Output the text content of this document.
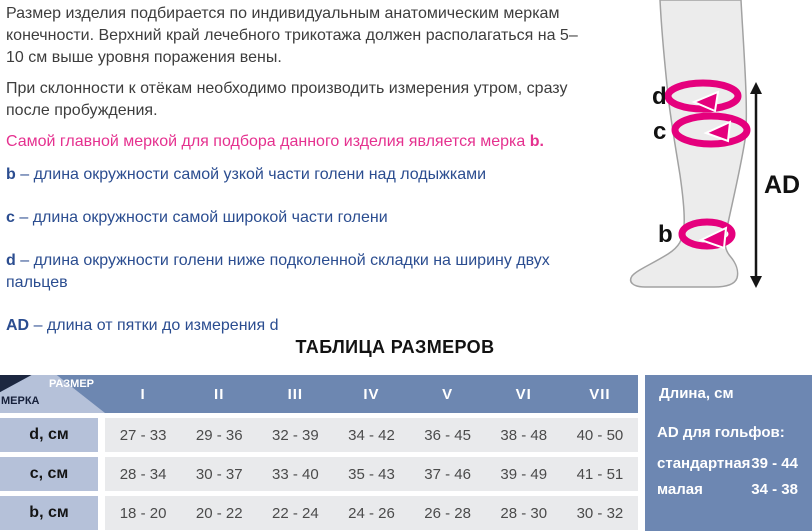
Размер изделия подбирается по индивидуальным анатомическим меркам конечности. Верхний край лечебного трикотажа должен располагаться на 5–10 см выше уровня поражения вены.

При склонности к отёкам необходимо производить измерения утром, сразу после пробуждения.

Самой главной меркой для подбора данного изделия является мерка b.

b – длина окружности самой узкой части голени над лодыжками

c – длина окружности самой широкой части голени

d – длина окружности голени ниже подколенной складки на ширину двух пальцев

AD – длина от пятки до измерения d

d
c
b
AD
ТАБЛИЦА РАЗМЕРОВ
РАЗМЕР
МЕРКА	I	II	III	IV	V	VI	VII
d, см	27 - 33	29 - 36	32 - 39	34 - 42	36 - 45	38 - 48	40 - 50
c, см	28 - 34	30 - 37	33 - 40	35 - 43	37 - 46	39 - 49	41 - 51
b, см	18 - 20	20 - 22	22 - 24	24 - 26	26 - 28	28 - 30	30 - 32
Длина, см
AD для гольфов:
стандартная 39 - 44
малая	34 - 38
